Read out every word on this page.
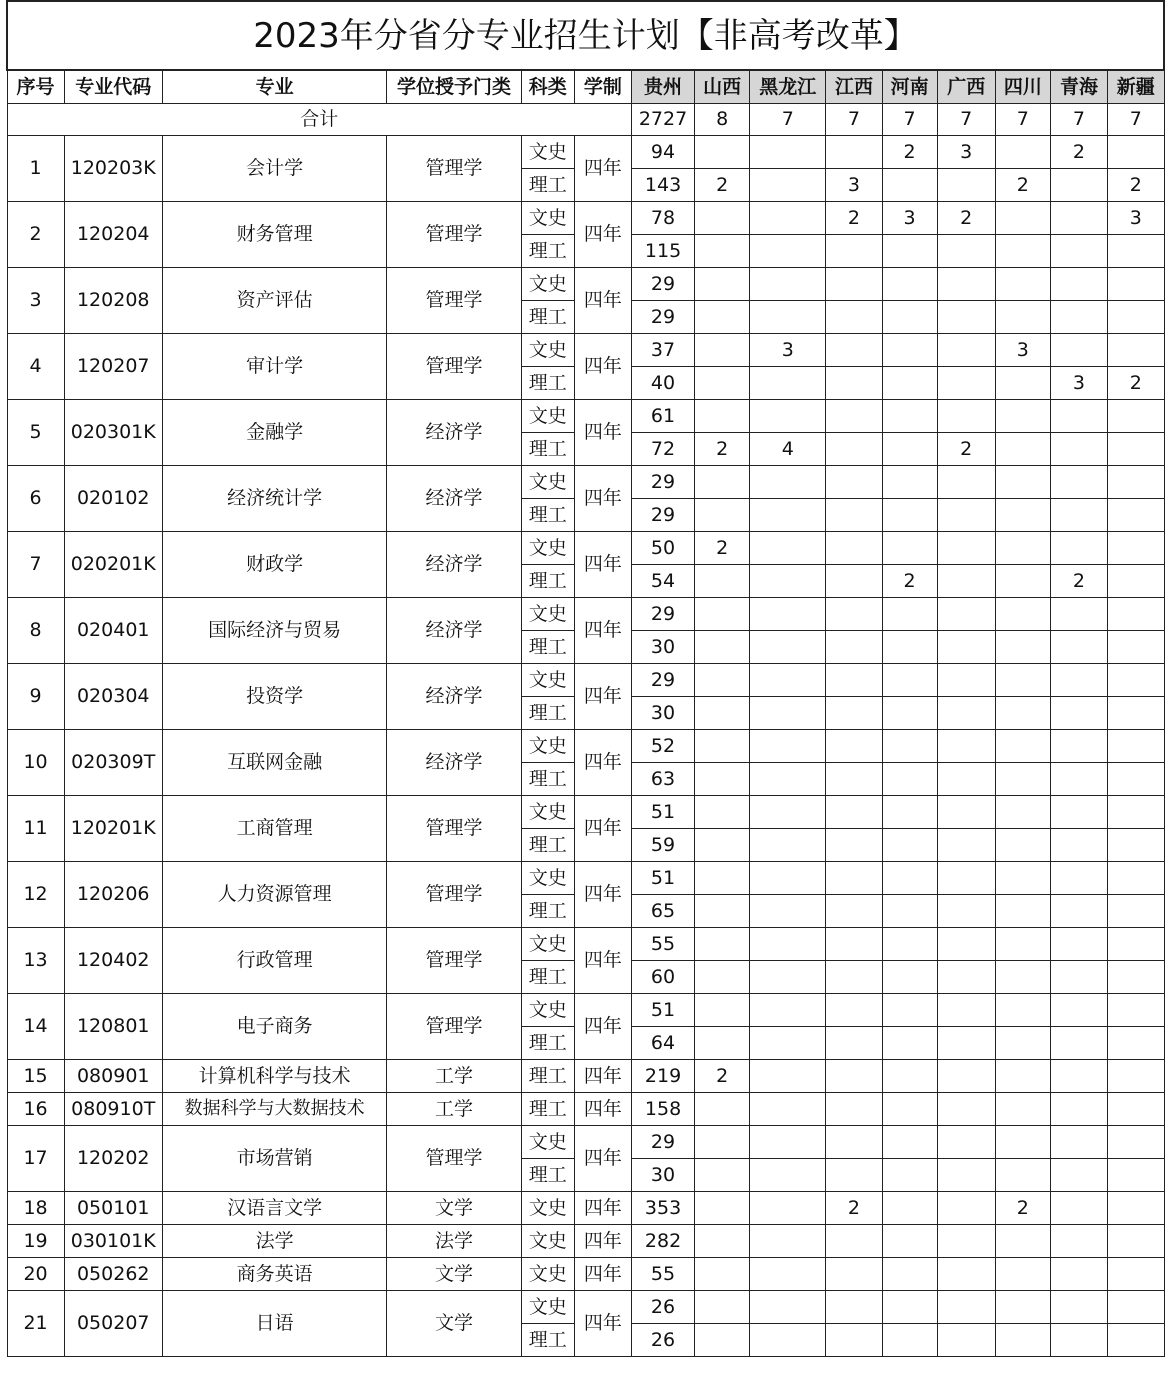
2023年分省分专业招生计划【非高考改革】														
序号	专业代码	专业	学位授予门类	科类	学制	贵州	山西	黑龙江	江西	河南	广西	四川	青海	新疆
合计						2727	8	7	7	7	7	7	7	7
1	120203K	会计学	管理学	文史	四年	94				2	3		2	
				理工		143	2		3			2		2
2	120204	财务管理	管理学	文史	四年	78			2	3	2			3
				理工		115								
3	120208	资产评估	管理学	文史	四年	29								
				理工		29								
4	120207	审计学	管理学	文史	四年	37		3				3		
				理工		40							3	2
5	020301K	金融学	经济学	文史	四年	61								
				理工		72	2	4			2			
6	020102	经济统计学	经济学	文史	四年	29								
				理工		29								
7	020201K	财政学	经济学	文史	四年	50	2							
				理工		54				2			2	
8	020401	国际经济与贸易	经济学	文史	四年	29								
				理工		30								
9	020304	投资学	经济学	文史	四年	29								
				理工		30								
10	020309T	互联网金融	经济学	文史	四年	52								
				理工		63								
11	120201K	工商管理	管理学	文史	四年	51								
				理工		59								
12	120206	人力资源管理	管理学	文史	四年	51								
				理工		65								
13	120402	行政管理	管理学	文史	四年	55								
				理工		60								
14	120801	电子商务	管理学	文史	四年	51								
				理工		64								
15	080901	计算机科学与技术	工学	理工	四年	219	2							
16	080910T	数据科学与大数据技术	工学	理工	四年	158								
17	120202	市场营销	管理学	文史	四年	29								
				理工		30								
18	050101	汉语言文学	文学	文史	四年	353			2			2		
19	030101K	法学	法学	文史	四年	282								
20	050262	商务英语	文学	文史	四年	55								
21	050207	日语	文学	文史	四年	26								
				理工		26								
